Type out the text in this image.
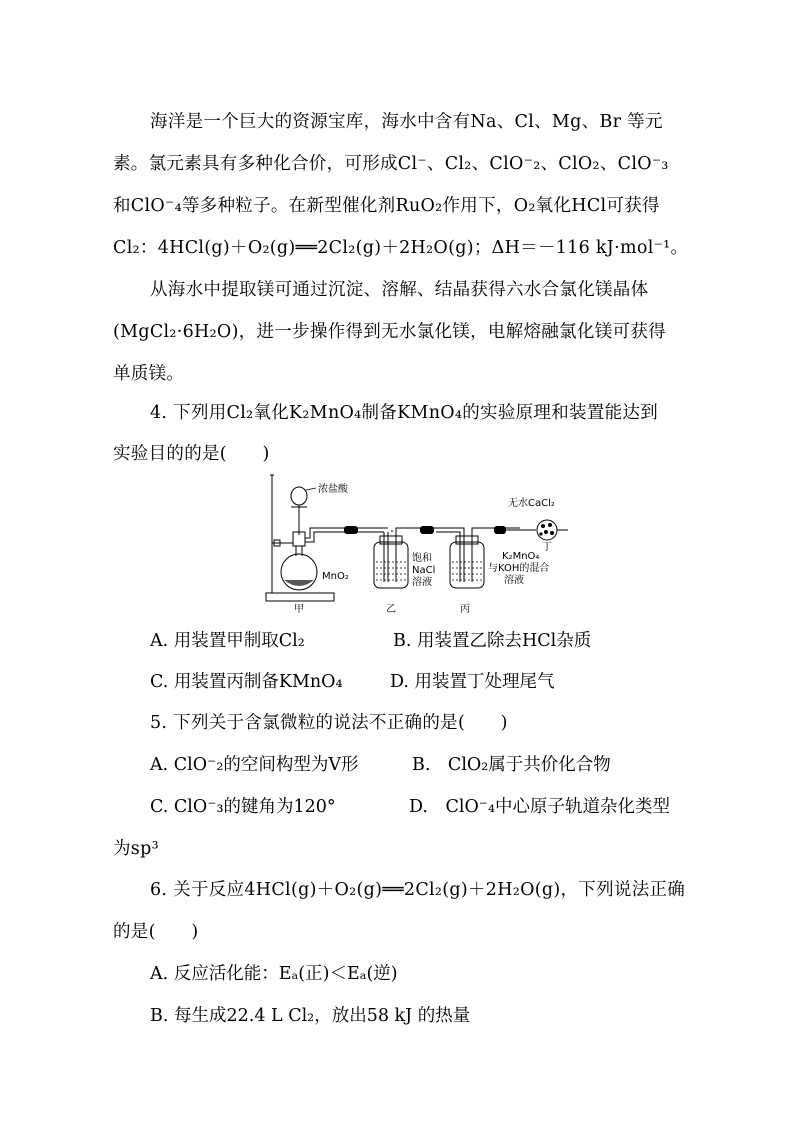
海洋是一个巨大的资源宝库，海水中含有Na、Cl、Mg、Br 等元
素。氯元素具有多种化合价，可形成Cl⁻、Cl₂、ClO⁻₂、ClO₂、ClO⁻₃
和ClO⁻₄等多种粒子。在新型催化剂RuO₂作用下，O₂氧化HCl可获得
Cl₂：4HCl(g)＋O₂(g)══2Cl₂(g)＋2H₂O(g)；ΔH＝－116 kJ·mol⁻¹。
从海水中提取镁可通过沉淀、溶解、结晶获得六水合氯化镁晶体
(MgCl₂·6H₂O)，进一步操作得到无水氯化镁，电解熔融氯化镁可获得
单质镁。
4. 下列用Cl₂氧化K₂MnO₄制备KMnO₄的实验原理和装置能达到
实验目的的是(　　)
浓盐酸
MnO₂
饱和
NaCl
溶液
K₂MnO₄
与KOH的混合
溶液
无水CaCl₂
甲	乙	丙
丁
A. 用装置甲制取Cl₂	B. 用装置乙除去HCl杂质
C. 用装置丙制备KMnO₄	D. 用装置丁处理尾气
5. 下列关于含氯微粒的说法不正确的是(　　)
A. ClO⁻₂的空间构型为V形	B.　ClO₂属于共价化合物
C. ClO⁻₃的键角为120°	D.　ClO⁻₄中心原子轨道杂化类型
为sp³
6. 关于反应4HCl(g)＋O₂(g)══2Cl₂(g)＋2H₂O(g)，下列说法正确
的是(　　)
A. 反应活化能：Eₐ(正)＜Eₐ(逆)
B. 每生成22.4 L Cl₂，放出58 kJ 的热量
